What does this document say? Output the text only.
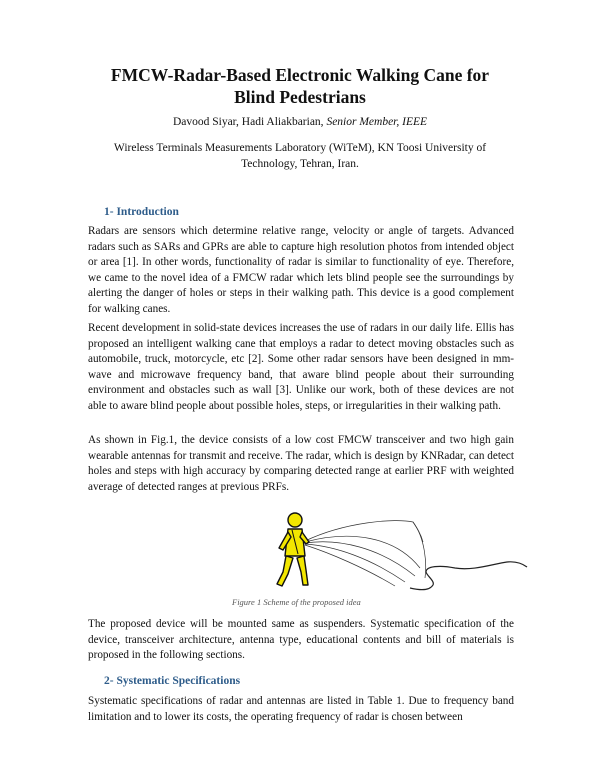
FMCW-Radar-Based Electronic Walking Cane for
Blind Pedestrians

Davood Siyar, Hadi Aliakbarian, Senior Member, IEEE

Wireless Terminals Measurements Laboratory (WiTeM), KN Toosi University of Technology, Tehran, Iran.

1- Introduction

Radars are sensors which determine relative range, velocity or angle of targets. Advanced radars such as SARs and GPRs are able to capture high resolution photos from intended object or area [1]. In other words, functionality of radar is similar to functionality of eye. Therefore, we came to the novel idea of a FMCW radar which lets blind people see the surroundings by alerting the danger of holes or steps in their walking path. This device is a good complement for walking canes.

Recent development in solid-state devices increases the use of radars in our daily life. Ellis has proposed an intelligent walking cane that employs a radar to detect moving obstacles such as automobile, truck, motorcycle, etc [2]. Some other radar sensors have been designed in mm-wave and microwave frequency band, that aware blind people about their surrounding environment and obstacles such as wall [3]. Unlike our work, both of these devices are not able to aware blind people about possible holes, steps, or irregularities in their walking path.

As shown in Fig.1, the device consists of a low cost FMCW transceiver and two high gain wearable antennas for transmit and receive. The radar, which is design by KNRadar, can detect holes and steps with high accuracy by comparing detected range at earlier PRF with weighted average of detected ranges at previous PRFs.

Figure 1 Scheme of the proposed idea

The proposed device will be mounted same as suspenders. Systematic specification of the device, transceiver architecture, antenna type, educational contents and bill of materials is proposed in the following sections.

2- Systematic Specifications

Systematic specifications of radar and antennas are listed in Table 1. Due to frequency band limitation and to lower its costs, the operating frequency of radar is chosen between
